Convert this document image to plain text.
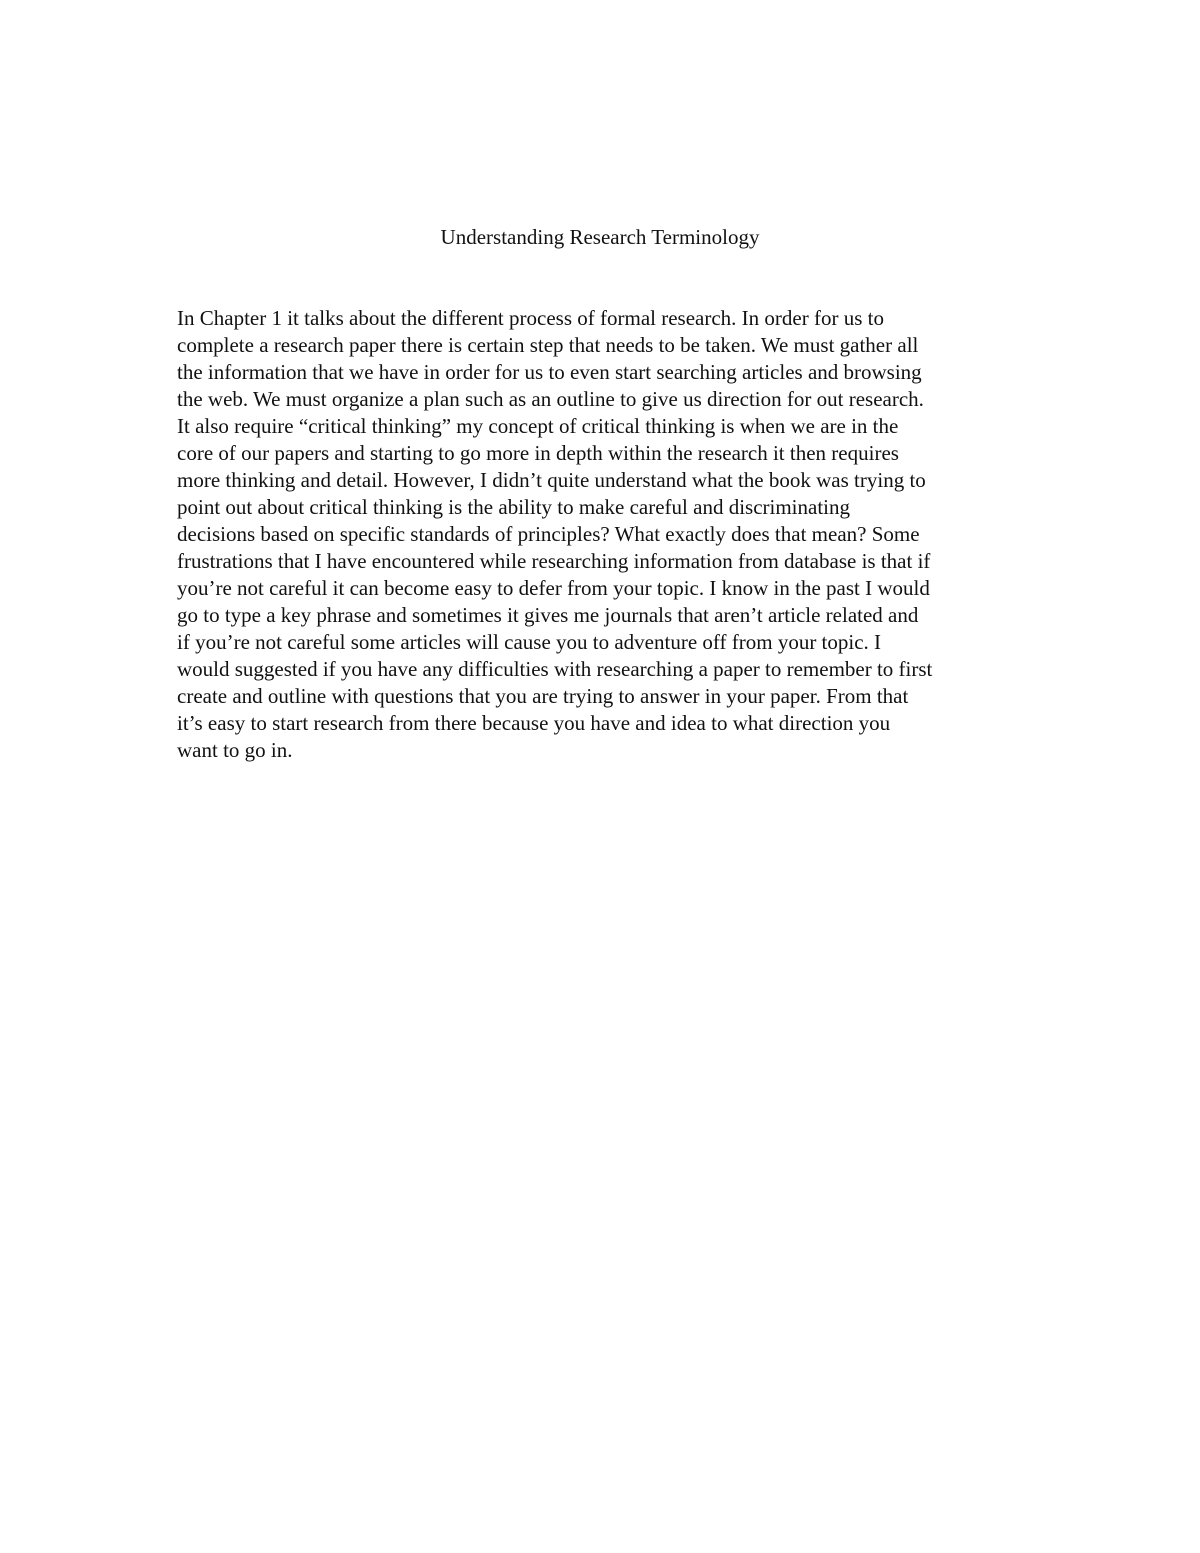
Understanding Research Terminology
In Chapter 1 it talks about the different process of formal research. In order for us to
complete a research paper there is certain step that needs to be taken. We must gather all
the information that we have in order for us to even start searching articles and browsing
the web. We must organize a plan such as an outline to give us direction for out research.
It also require “critical thinking” my concept of critical thinking is when we are in the
core of our papers and starting to go more in depth within the research it then requires
more thinking and detail. However, I didn’t quite understand what the book was trying to
point out about critical thinking is the ability to make careful and discriminating
decisions based on specific standards of principles? What exactly does that mean? Some
frustrations that I have encountered while researching information from database is that if
you’re not careful it can become easy to defer from your topic. I know in the past I would
go to type a key phrase and sometimes it gives me journals that aren’t article related and
if you’re not careful some articles will cause you to adventure off from your topic. I
would suggested if you have any difficulties with researching a paper to remember to first
create and outline with questions that you are trying to answer in your paper. From that
it’s easy to start research from there because you have and idea to what direction you
want to go in.
